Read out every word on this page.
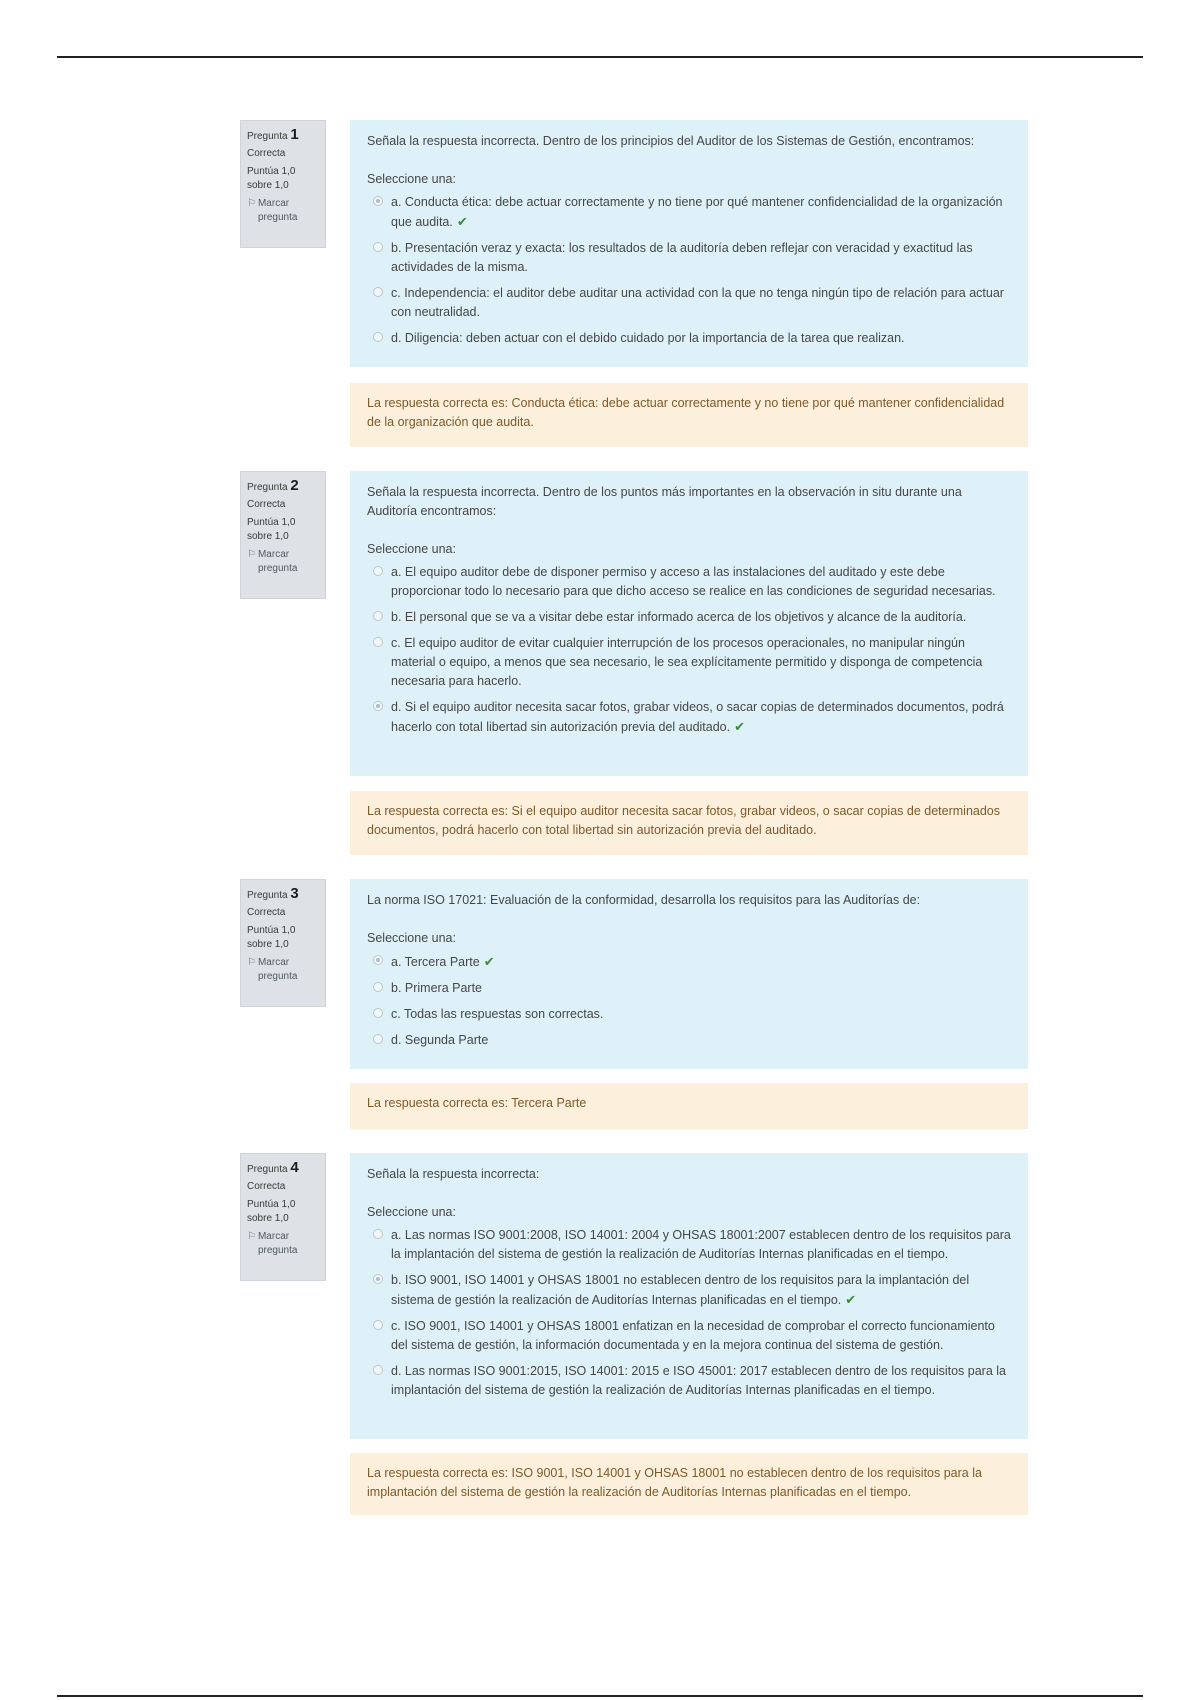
Pregunta 1
Correcta
Puntúa 1,0
sobre 1,0
⚐ Marcar
pregunta
Señala la respuesta incorrecta. Dentro de los principios del Auditor de los Sistemas de Gestión, encontramos:
Seleccione una:
a. Conducta ética: debe actuar correctamente y no tiene por qué mantener confidencialidad de la organización que audita. ✔
b. Presentación veraz y exacta: los resultados de la auditoría deben reflejar con veracidad y exactitud las actividades de la misma.
c. Independencia: el auditor debe auditar una actividad con la que no tenga ningún tipo de relación para actuar con neutralidad.
d. Diligencia: deben actuar con el debido cuidado por la importancia de la tarea que realizan.
La respuesta correcta es: Conducta ética: debe actuar correctamente y no tiene por qué mantener confidencialidad de la organización que audita.
Pregunta 2
Correcta
Puntúa 1,0
sobre 1,0
⚐ Marcar
pregunta
Señala la respuesta incorrecta. Dentro de los puntos más importantes en la observación in situ durante una Auditoría encontramos:
Seleccione una:
a. El equipo auditor debe de disponer permiso y acceso a las instalaciones del auditado y este debe proporcionar todo lo necesario para que dicho acceso se realice en las condiciones de seguridad necesarias.
b. El personal que se va a visitar debe estar informado acerca de los objetivos y alcance de la auditoría.
c. El equipo auditor de evitar cualquier interrupción de los procesos operacionales, no manipular ningún material o equipo, a menos que sea necesario, le sea explícitamente permitido y disponga de competencia necesaria para hacerlo.
d. Si el equipo auditor necesita sacar fotos, grabar videos, o sacar copias de determinados documentos, podrá hacerlo con total libertad sin autorización previa del auditado. ✔
La respuesta correcta es: Si el equipo auditor necesita sacar fotos, grabar videos, o sacar copias de determinados documentos, podrá hacerlo con total libertad sin autorización previa del auditado.
Pregunta 3
Correcta
Puntúa 1,0
sobre 1,0
⚐ Marcar
pregunta
La norma ISO 17021: Evaluación de la conformidad, desarrolla los requisitos para las Auditorías de:
Seleccione una:
a. Tercera Parte ✔
b. Primera Parte
c. Todas las respuestas son correctas.
d. Segunda Parte
La respuesta correcta es: Tercera Parte
Pregunta 4
Correcta
Puntúa 1,0
sobre 1,0
⚐ Marcar
pregunta
Señala la respuesta incorrecta:
Seleccione una:
a. Las normas ISO 9001:2008, ISO 14001: 2004 y OHSAS 18001:2007 establecen dentro de los requisitos para la implantación del sistema de gestión la realización de Auditorías Internas planificadas en el tiempo.
b. ISO 9001, ISO 14001 y OHSAS 18001 no establecen dentro de los requisitos para la implantación del sistema de gestión la realización de Auditorías Internas planificadas en el tiempo. ✔
c. ISO 9001, ISO 14001 y OHSAS 18001 enfatizan en la necesidad de comprobar el correcto funcionamiento del sistema de gestión, la información documentada y en la mejora continua del sistema de gestión.
d. Las normas ISO 9001:2015, ISO 14001: 2015 e ISO 45001: 2017 establecen dentro de los requisitos para la implantación del sistema de gestión la realización de Auditorías Internas planificadas en el tiempo.
La respuesta correcta es: ISO 9001, ISO 14001 y OHSAS 18001 no establecen dentro de los requisitos para la implantación del sistema de gestión la realización de Auditorías Internas planificadas en el tiempo.
